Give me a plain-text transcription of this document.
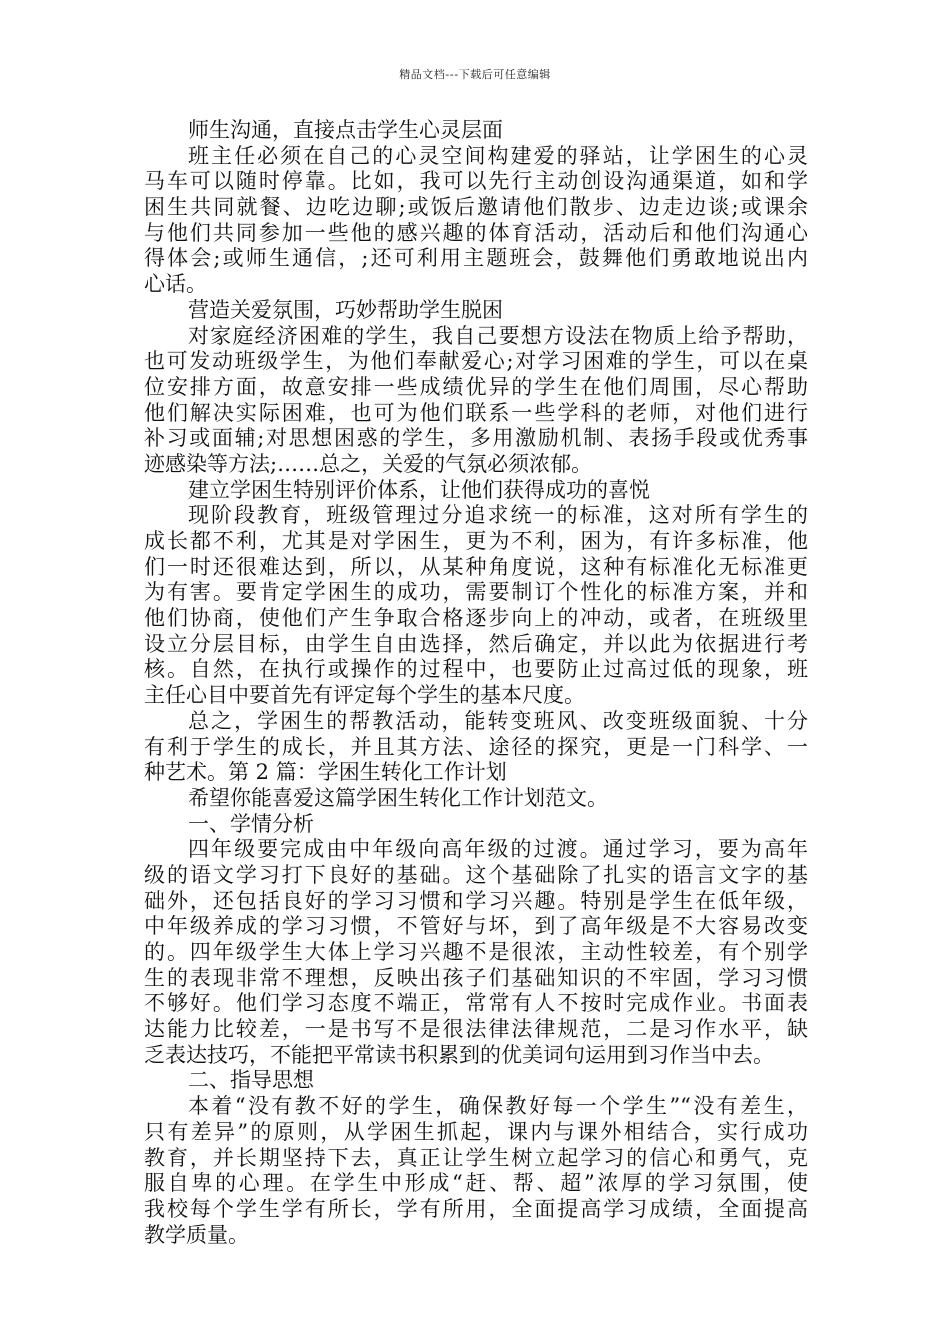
精品文档---下载后可任意编辑
师生沟通，直接点击学生心灵层面
班主任必须在自己的心灵空间构建爱的驿站，让学困生的心灵
马车可以随时停靠。比如，我可以先行主动创设沟通渠道，如和学
困生共同就餐、边吃边聊;或饭后邀请他们散步、边走边谈;或课余
与他们共同参加一些他的感兴趣的体育活动，活动后和他们沟通心
得体会;或师生通信，;还可利用主题班会，鼓舞他们勇敢地说出内
心话。
营造关爱氛围，巧妙帮助学生脱困
对家庭经济困难的学生，我自己要想方设法在物质上给予帮助，
也可发动班级学生，为他们奉献爱心;对学习困难的学生，可以在桌
位安排方面，故意安排一些成绩优异的学生在他们周围，尽心帮助
他们解决实际困难，也可为他们联系一些学科的老师，对他们进行
补习或面辅;对思想困惑的学生，多用激励机制、表扬手段或优秀事
迹感染等方法;……总之，关爱的气氛必须浓郁。
建立学困生特别评价体系，让他们获得成功的喜悦
现阶段教育，班级管理过分追求统一的标准，这对所有学生的
成长都不利，尤其是对学困生，更为不利，困为，有许多标准，他
们一时还很难达到，所以，从某种角度说，这种有标准化无标准更
为有害。要肯定学困生的成功，需要制订个性化的标准方案，并和
他们协商，使他们产生争取合格逐步向上的冲动，或者，在班级里
设立分层目标，由学生自由选择，然后确定，并以此为依据进行考
核。自然，在执行或操作的过程中，也要防止过高过低的现象，班
主任心目中要首先有评定每个学生的基本尺度。
总之，学困生的帮教活动，能转变班风、改变班级面貌、十分
有利于学生的成长，并且其方法、途径的探究，更是一门科学、一
种艺术。第 2 篇：学困生转化工作计划
希望你能喜爱这篇学困生转化工作计划范文。
一、学情分析
四年级要完成由中年级向高年级的过渡。通过学习，要为高年
级的语文学习打下良好的基础。这个基础除了扎实的语言文字的基
础外，还包括良好的学习习惯和学习兴趣。特别是学生在低年级，
中年级养成的学习习惯，不管好与坏，到了高年级是不大容易改变
的。四年级学生大体上学习兴趣不是很浓，主动性较差，有个别学
生的表现非常不理想，反映出孩子们基础知识的不牢固，学习习惯
不够好。他们学习态度不端正，常常有人不按时完成作业。书面表
达能力比较差，一是书写不是很法律法律规范，二是习作水平，缺
乏表达技巧，不能把平常读书积累到的优美词句运用到习作当中去。
二、指导思想
本着“没有教不好的学生，确保教好每一个学生”“没有差生，
只有差异”的原则，从学困生抓起，课内与课外相结合，实行成功
教育，并长期坚持下去，真正让学生树立起学习的信心和勇气，克
服自卑的心理。在学生中形成“赶、帮、超”浓厚的学习氛围，使
我校每个学生学有所长，学有所用，全面提高学习成绩，全面提高
教学质量。
